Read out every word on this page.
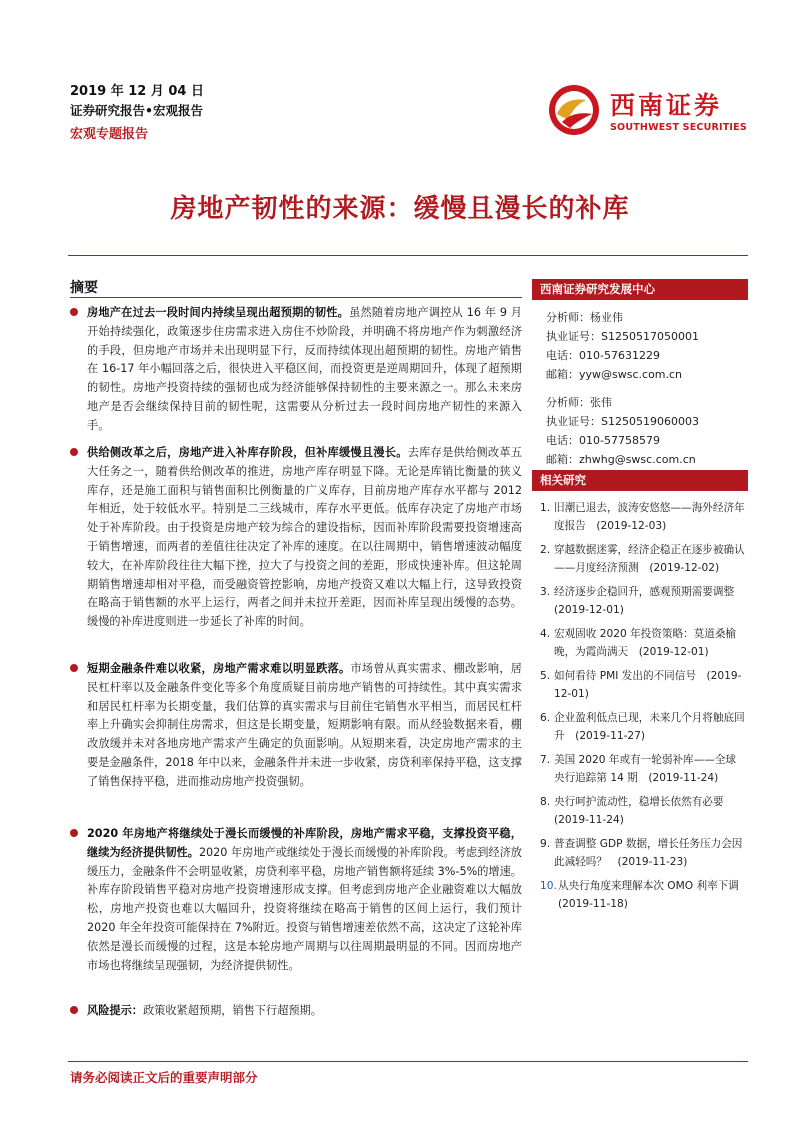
2019 年 12 月 04 日
证券研究报告•宏观报告
宏观专题报告
西南证券
SOUTHWEST SECURITIES
房地产韧性的来源：缓慢且漫长的补库
摘要
房地产在过去一段时间内持续呈现出超预期的韧性。虽然随着房地产调控从 16 年 9 月开始持续强化，政策逐步住房需求进入房住不炒阶段，并明确不将房地产作为刺激经济的手段，但房地产市场并未出现明显下行，反而持续体现出超预期的韧性。房地产销售在 16-17 年小幅回落之后，很快进入平稳区间，而投资更是逆周期回升，体现了超预期的韧性。房地产投资持续的强韧也成为经济能够保持韧性的主要来源之一。那么未来房地产是否会继续保持目前的韧性呢，这需要从分析过去一段时间房地产韧性的来源入手。
供给侧改革之后，房地产进入补库存阶段，但补库缓慢且漫长。去库存是供给侧改革五大任务之一，随着供给侧改革的推进，房地产库存明显下降。无论是库销比衡量的狭义库存，还是施工面积与销售面积比例衡量的广义库存，目前房地产库存水平都与 2012 年相近，处于较低水平。特别是二三线城市，库存水平更低。低库存决定了房地产市场处于补库阶段。由于投资是房地产较为综合的建设指标，因而补库阶段需要投资增速高于销售增速，而两者的差值往往决定了补库的速度。在以往周期中，销售增速波动幅度较大，在补库阶段往往大幅下挫，拉大了与投资之间的差距，形成快速补库。但这轮周期销售增速却相对平稳，而受融资管控影响，房地产投资又难以大幅上行，这导致投资在略高于销售额的水平上运行，两者之间并未拉开差距，因而补库呈现出缓慢的态势。缓慢的补库进度则进一步延长了补库的时间。
短期金融条件难以收紧，房地产需求难以明显跌落。市场曾从真实需求、棚改影响，居民杠杆率以及金融条件变化等多个角度质疑目前房地产销售的可持续性。其中真实需求和居民杠杆率为长期变量，我们估算的真实需求与目前住宅销售水平相当，而居民杠杆率上升确实会抑制住房需求，但这是长期变量，短期影响有限。而从经验数据来看，棚改放缓并未对各地房地产需求产生确定的负面影响。从短期来看，决定房地产需求的主要是金融条件，2018 年中以来，金融条件并未进一步收紧，房贷利率保持平稳，这支撑了销售保持平稳，进而推动房地产投资强韧。
2020 年房地产将继续处于漫长而缓慢的补库阶段，房地产需求平稳，支撑投资平稳，继续为经济提供韧性。2020 年房地产或继续处于漫长而缓慢的补库阶段。考虑到经济放缓压力，金融条件不会明显收紧，房贷利率平稳，房地产销售额将延续 3%-5%的增速。补库存阶段销售平稳对房地产投资增速形成支撑。但考虑到房地产企业融资难以大幅放松，房地产投资也难以大幅回升，投资将继续在略高于销售的区间上运行，我们预计 2020 年全年投资可能保持在 7%附近。投资与销售增速差依然不高，这决定了这轮补库依然是漫长而缓慢的过程，这是本轮房地产周期与以往周期最明显的不同。因而房地产市场也将继续呈现强韧，为经济提供韧性。
风险提示：政策收紧超预期，销售下行超预期。
西南证券研究发展中心
分析师：杨业伟
执业证号：S1250517050001
电话：010-57631229
邮箱：yyw@swsc.com.cn
分析师：张伟
执业证号：S1250519060003
电话：010-57758579
邮箱：zhwhg@swsc.com.cn
相关研究
1. 旧潮已退去，波涛安悠悠——海外经济年度报告　(2019-12-03)
2. 穿越数据迷雾，经济企稳正在逐步被确认——月度经济预测　(2019-12-02)
3. 经济逐步企稳回升，感观预期需要调整　(2019-12-01)
4. 宏观固收 2020 年投资策略：莫道桑榆晚，为霞尚满天　(2019-12-01)
5. 如何看待 PMI 发出的不同信号　(2019-12-01)
6. 企业盈利低点已现，未来几个月将触底回升　(2019-11-27)
7. 美国 2020 年或有一轮弱补库——全球央行追踪第 14 期　(2019-11-24)
8. 央行呵护流动性，稳增长依然有必要　(2019-11-24)
9. 普查调整 GDP 数据，增长任务压力会因此减轻吗？　(2019-11-23)
10. 从央行角度来理解本次 OMO 利率下调　(2019-11-18)
请务必阅读正文后的重要声明部分
